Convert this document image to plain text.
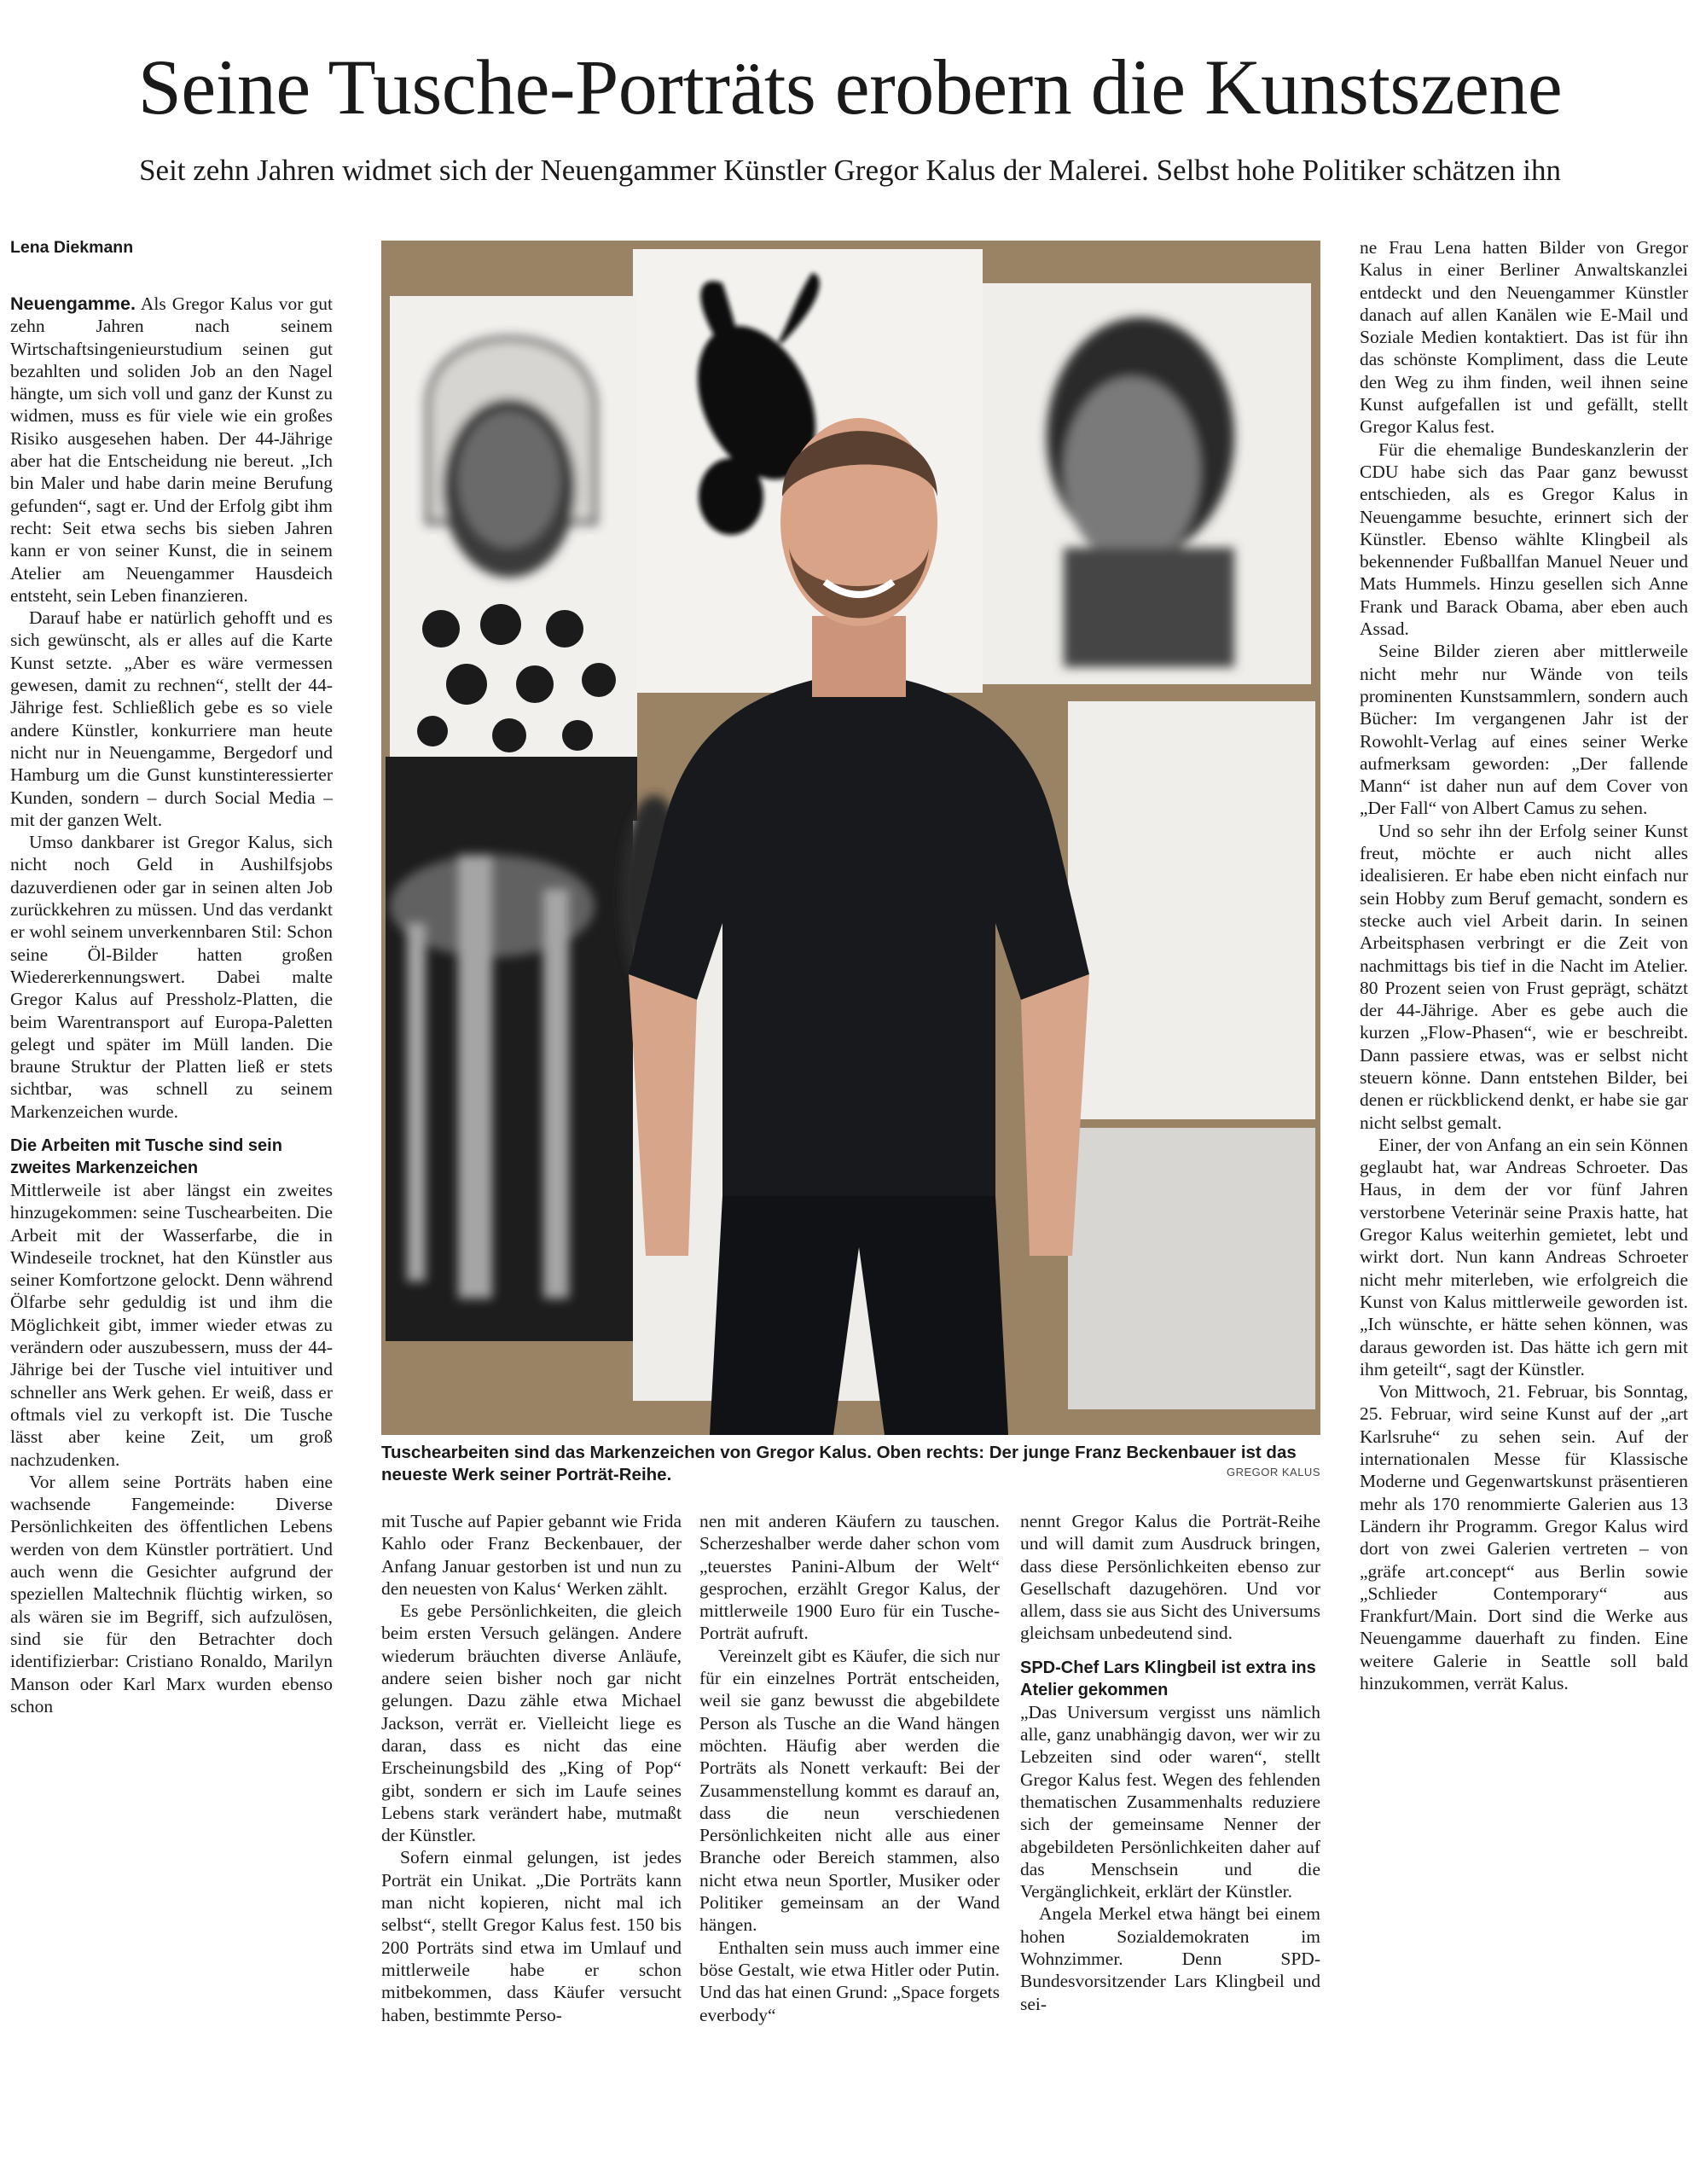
Seine Tusche-Porträts erobern die Kunstszene

Seit zehn Jahren widmet sich der Neuengammer Künstler Gregor Kalus der Malerei. Selbst hohe Politiker schätzen ihn

Lena Diekmann

Neuengamme. Als Gregor Kalus vor gut zehn Jahren nach seinem Wirtschaftsingenieurstudium seinen gut bezahlten und soliden Job an den Nagel hängte, um sich voll und ganz der Kunst zu widmen, muss es für viele wie ein großes Risiko ausgesehen haben. Der 44-Jährige aber hat die Entscheidung nie bereut. „Ich bin Maler und habe darin meine Berufung gefunden“, sagt er. Und der Erfolg gibt ihm recht: Seit etwa sechs bis sieben Jahren kann er von seiner Kunst, die in seinem Atelier am Neuengammer Hausdeich entsteht, sein Leben finanzieren.

Darauf habe er natürlich gehofft und es sich gewünscht, als er alles auf die Karte Kunst setzte. „Aber es wäre vermessen gewesen, damit zu rechnen“, stellt der 44-Jährige fest. Schließlich gebe es so viele andere Künstler, konkurriere man heute nicht nur in Neuengamme, Bergedorf und Hamburg um die Gunst kunstinteressierter Kunden, sondern – durch Social Media – mit der ganzen Welt.

Umso dankbarer ist Gregor Kalus, sich nicht noch Geld in Aushilfsjobs dazuverdienen oder gar in seinen alten Job zurückkehren zu müssen. Und das verdankt er wohl seinem unverkennbaren Stil: Schon seine Öl-Bilder hatten großen Wiedererkennungswert. Dabei malte Gregor Kalus auf Pressholz-Platten, die beim Warentransport auf Europa-Paletten gelegt und später im Müll landen. Die braune Struktur der Platten ließ er stets sichtbar, was schnell zu seinem Markenzeichen wurde.

Die Arbeiten mit Tusche sind sein zweites Markenzeichen

Mittlerweile ist aber längst ein zweites hinzugekommen: seine Tuschearbeiten. Die Arbeit mit der Wasserfarbe, die in Windeseile trocknet, hat den Künstler aus seiner Komfortzone gelockt. Denn während Ölfarbe sehr geduldig ist und ihm die Möglichkeit gibt, immer wieder etwas zu verändern oder auszubessern, muss der 44-Jährige bei der Tusche viel intuitiver und schneller ans Werk gehen. Er weiß, dass er oftmals viel zu verkopft ist. Die Tusche lässt aber keine Zeit, um groß nachzudenken.

Vor allem seine Porträts haben eine wachsende Fangemeinde: Diverse Persönlichkeiten des öffentlichen Lebens werden von dem Künstler porträtiert. Und auch wenn die Gesichter aufgrund der speziellen Maltechnik flüchtig wirken, so als wären sie im Begriff, sich aufzulösen, sind sie für den Betrachter doch identifizierbar: Cristiano Ronaldo, Marilyn Manson oder Karl Marx wurden ebenso schon

Tuschearbeiten sind das Markenzeichen von Gregor Kalus. Oben rechts: Der junge Franz Beckenbauer ist das neueste Werk seiner Porträt-Reihe.	GREGOR KALUS

mit Tusche auf Papier gebannt wie Frida Kahlo oder Franz Beckenbauer, der Anfang Januar gestorben ist und nun zu den neuesten von Kalus‘ Werken zählt.

Es gebe Persönlichkeiten, die gleich beim ersten Versuch gelängen. Andere wiederum bräuchten diverse Anläufe, andere seien bisher noch gar nicht gelungen. Dazu zähle etwa Michael Jackson, verrät er. Vielleicht liege es daran, dass es nicht das eine Erscheinungsbild des „King of Pop“ gibt, sondern er sich im Laufe seines Lebens stark verändert habe, mutmaßt der Künstler.

Sofern einmal gelungen, ist jedes Porträt ein Unikat. „Die Porträts kann man nicht kopieren, nicht mal ich selbst“, stellt Gregor Kalus fest. 150 bis 200 Porträts sind etwa im Umlauf und mittlerweile habe er schon mitbekommen, dass Käufer versucht haben, bestimmte Perso-

nen mit anderen Käufern zu tauschen. Scherzeshalber werde daher schon vom „teuerstes Panini-Album der Welt“ gesprochen, erzählt Gregor Kalus, der mittlerweile 1900 Euro für ein Tusche-Porträt aufruft.

Vereinzelt gibt es Käufer, die sich nur für ein einzelnes Porträt entscheiden, weil sie ganz bewusst die abgebildete Person als Tusche an die Wand hängen möchten. Häufig aber werden die Porträts als Nonett verkauft: Bei der Zusammenstellung kommt es darauf an, dass die neun verschiedenen Persönlichkeiten nicht alle aus einer Branche oder Bereich stammen, also nicht etwa neun Sportler, Musiker oder Politiker gemeinsam an der Wand hängen.

Enthalten sein muss auch immer eine böse Gestalt, wie etwa Hitler oder Putin. Und das hat einen Grund: „Space forgets everbody“

nennt Gregor Kalus die Porträt-Reihe und will damit zum Ausdruck bringen, dass diese Persönlichkeiten ebenso zur Gesellschaft dazugehören. Und vor allem, dass sie aus Sicht des Universums gleichsam unbedeutend sind.

SPD-Chef Lars Klingbeil ist extra ins Atelier gekommen

„Das Universum vergisst uns nämlich alle, ganz unabhängig davon, wer wir zu Lebzeiten sind oder waren“, stellt Gregor Kalus fest. Wegen des fehlenden thematischen Zusammenhalts reduziere sich der gemeinsame Nenner der abgebildeten Persönlichkeiten daher auf das Menschsein und die Vergänglichkeit, erklärt der Künstler.

Angela Merkel etwa hängt bei einem hohen Sozialdemokraten im Wohnzimmer. Denn SPD-Bundesvorsitzender Lars Klingbeil und sei-

ne Frau Lena hatten Bilder von Gregor Kalus in einer Berliner Anwaltskanzlei entdeckt und den Neuengammer Künstler danach auf allen Kanälen wie E-Mail und Soziale Medien kontaktiert. Das ist für ihn das schönste Kompliment, dass die Leute den Weg zu ihm finden, weil ihnen seine Kunst aufgefallen ist und gefällt, stellt Gregor Kalus fest.

Für die ehemalige Bundeskanzlerin der CDU habe sich das Paar ganz bewusst entschieden, als es Gregor Kalus in Neuengamme besuchte, erinnert sich der Künstler. Ebenso wählte Klingbeil als bekennender Fußballfan Manuel Neuer und Mats Hummels. Hinzu gesellen sich Anne Frank und Barack Obama, aber eben auch Assad.

Seine Bilder zieren aber mittlerweile nicht mehr nur Wände von teils prominenten Kunstsammlern, sondern auch Bücher: Im vergangenen Jahr ist der Rowohlt-Verlag auf eines seiner Werke aufmerksam geworden: „Der fallende Mann“ ist daher nun auf dem Cover von „Der Fall“ von Albert Camus zu sehen.

Und so sehr ihn der Erfolg seiner Kunst freut, möchte er auch nicht alles idealisieren. Er habe eben nicht einfach nur sein Hobby zum Beruf gemacht, sondern es stecke auch viel Arbeit darin. In seinen Arbeitsphasen verbringt er die Zeit von nachmittags bis tief in die Nacht im Atelier. 80 Prozent seien von Frust geprägt, schätzt der 44-Jährige. Aber es gebe auch die kurzen „Flow-Phasen“, wie er beschreibt. Dann passiere etwas, was er selbst nicht steuern könne. Dann entstehen Bilder, bei denen er rückblickend denkt, er habe sie gar nicht selbst gemalt.

Einer, der von Anfang an ein sein Können geglaubt hat, war Andreas Schroeter. Das Haus, in dem der vor fünf Jahren verstorbene Veterinär seine Praxis hatte, hat Gregor Kalus weiterhin gemietet, lebt und wirkt dort. Nun kann Andreas Schroeter nicht mehr miterleben, wie erfolgreich die Kunst von Kalus mittlerweile geworden ist. „Ich wünschte, er hätte sehen können, was daraus geworden ist. Das hätte ich gern mit ihm geteilt“, sagt der Künstler.

Von Mittwoch, 21. Februar, bis Sonntag, 25. Februar, wird seine Kunst auf der „art Karlsruhe“ zu sehen sein. Auf der internationalen Messe für Klassische Moderne und Gegenwartskunst präsentieren mehr als 170 renommierte Galerien aus 13 Ländern ihr Programm. Gregor Kalus wird dort von zwei Galerien vertreten – von „gräfe art.concept“ aus Berlin sowie „Schlieder Contemporary“ aus Frankfurt/Main. Dort sind die Werke aus Neuengamme dauerhaft zu finden. Eine weitere Galerie in Seattle soll bald hinzukommen, verrät Kalus.
